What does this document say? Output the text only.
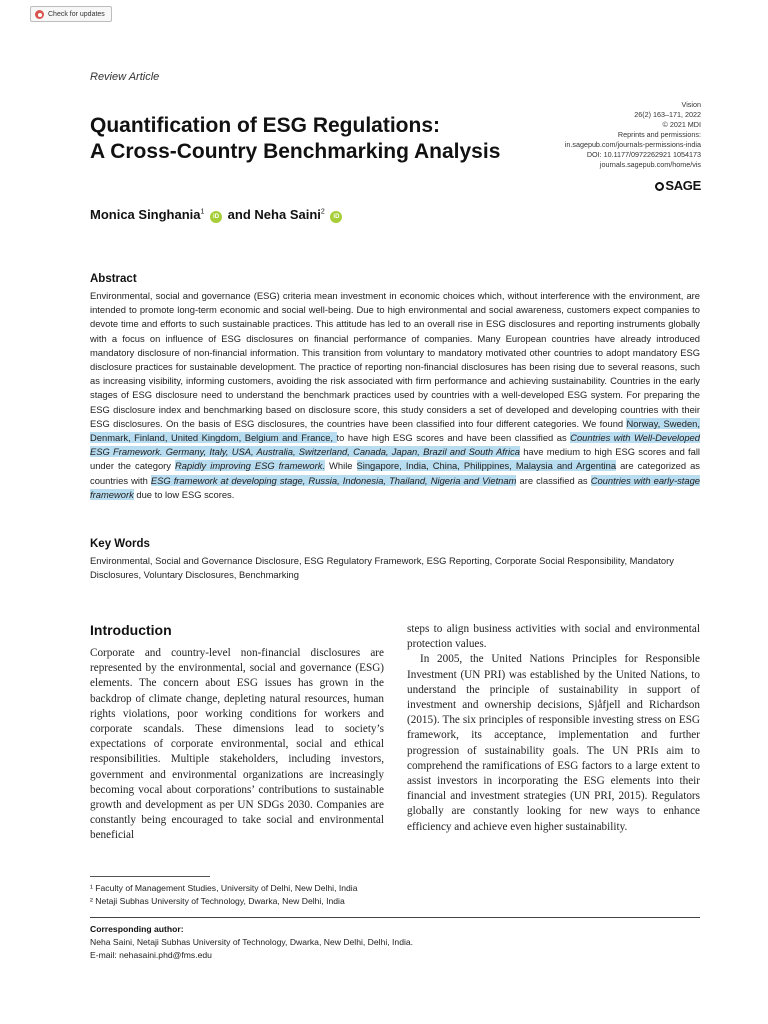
Check for updates
Review Article
Quantification of ESG Regulations:
A Cross-Country Benchmarking Analysis
Vision
26(2) 163–171, 2022
© 2021 MDI
Reprints and permissions:
in.sagepub.com/journals-permissions-india
DOI: 10.1177/0972262921 1054173
journals.sagepub.com/home/vis
SAGE
Monica Singhania$^1$ iD and Neha Saini$^2$ iD
Abstract

Environmental, social and governance (ESG) criteria mean investment in economic choices which, without interference with the environment, are intended to promote long-term economic and social well-being. Due to high environmental and social awareness, customers expect companies to devote time and efforts to such sustainable practices. This attitude has led to an overall rise in ESG disclosures and reporting instruments globally with a focus on influence of ESG disclosures on financial performance of companies. Many European countries have already introduced mandatory disclosure of non-financial information. This transition from voluntary to mandatory motivated other countries to adopt mandatory ESG disclosure practices for sustainable development. The practice of reporting non-financial disclosures has been rising due to several reasons, such as increasing visibility, informing customers, avoiding the risk associated with firm performance and achieving sustainability. Countries in the early stages of ESG disclosure need to understand the benchmark practices used by countries with a well-developed ESG system. For preparing the ESG disclosure index and benchmarking based on disclosure score, this study considers a set of developed and developing countries with their ESG disclosures. On the basis of ESG disclosures, the countries have been classified into four different categories. We found Norway, Sweden, Denmark, Finland, United Kingdom, Belgium and France, to have high ESG scores and have been classified as Countries with Well-Developed ESG Framework. Germany, Italy, USA, Australia, Switzerland, Canada, Japan, Brazil and South Africa have medium to high ESG scores and fall under the category Rapidly improving ESG framework. While Singapore, India, China, Philippines, Malaysia and Argentina are categorized as countries with ESG framework at developing stage, Russia, Indonesia, Thailand, Nigeria and Vietnam are classified as Countries with early-stage framework due to low ESG scores.

Key Words

Environmental, Social and Governance Disclosure, ESG Regulatory Framework, ESG Reporting, Corporate Social Responsibility, Mandatory Disclosures, Voluntary Disclosures, Benchmarking

Introduction

Corporate and country-level non-financial disclosures are represented by the environmental, social and governance (ESG) elements. The concern about ESG issues has grown in the backdrop of climate change, depleting natural resources, human rights violations, poor working conditions for workers and corporate scandals. These dimensions lead to society’s expectations of corporate environmental, social and ethical responsibilities. Multiple stakeholders, including investors, government and environmental organizations are increasingly becoming vocal about corporations’ contributions to sustainable growth and development as per UN SDGs 2030. Companies are constantly being encouraged to take social and environmental beneficial

steps to align business activities with social and environmental protection values.

In 2005, the United Nations Principles for Responsible Investment (UN PRI) was established by the United Nations, to understand the principle of sustainability in support of investment and ownership decisions, Sjåfjell and Richardson (2015). The six principles of responsible investing stress on ESG framework, its acceptance, implementation and further progression of sustainability goals. The UN PRIs aim to comprehend the ramifications of ESG factors to a large extent to assist investors in incorporating the ESG elements into their financial and investment strategies (UN PRI, 2015). Regulators globally are constantly looking for new ways to enhance efficiency and achieve even higher sustainability.

¹ Faculty of Management Studies, University of Delhi, New Delhi, India
² Netaji Subhas University of Technology, Dwarka, New Delhi, India
Corresponding author:
Neha Saini, Netaji Subhas University of Technology, Dwarka, New Delhi, Delhi, India.
E-mail: nehasaini.phd@fms.edu
